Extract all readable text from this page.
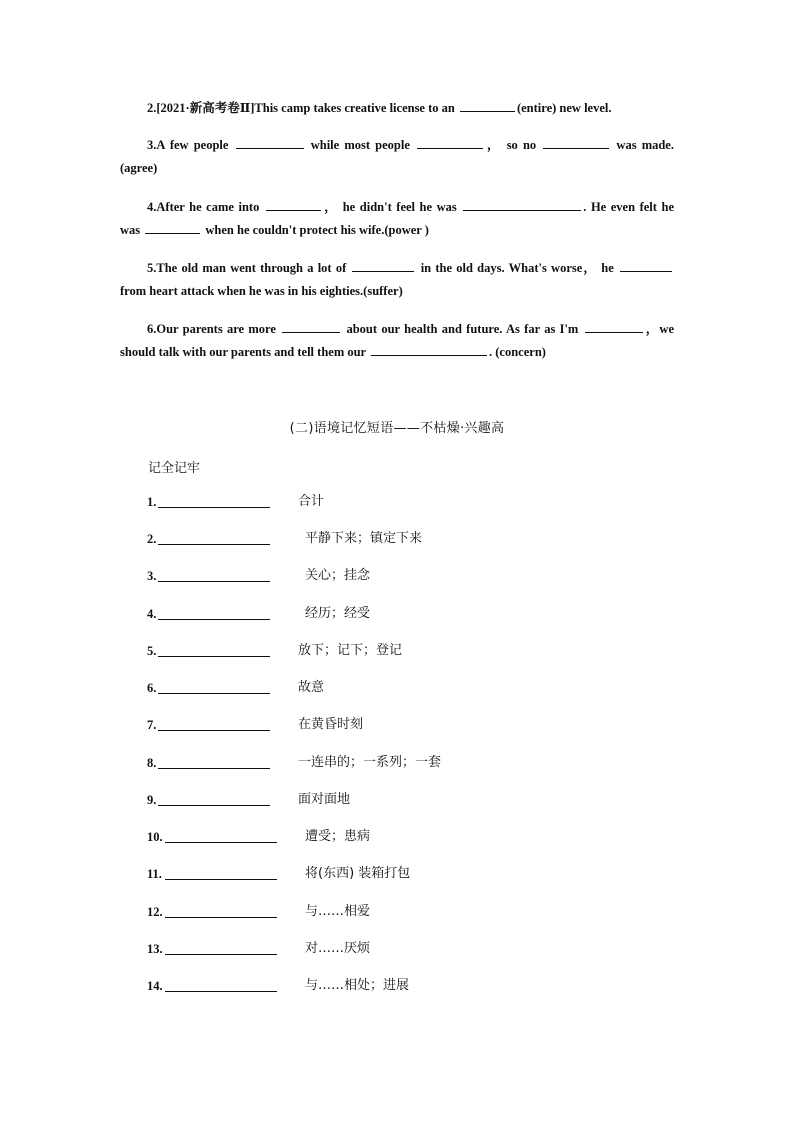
2.[2021·新高考卷Ⅱ]This camp takes creative license to an	(entire) new level.
3.A few people	while most people	， so no	was made.(agree)
4.After he came into	， he didn't feel he was	. He even felt he was	when he couldn't protect his wife.(power )
5.The old man went through a lot of	in the old days. What's worse， he  from heart attack when he was in his eighties.(suffer)
6.Our parents are more	about our health and future. As far as I'm	，we should talk with our parents and tell them our	. (concern)
(二)语境记忆短语——不枯燥·兴趣高
记全记牢
1.	合计
2.	平静下来；镇定下来
3.	关心；挂念
4.	经历；经受
5.	放下；记下；登记
6.	故意
7.	在黄昏时刻
8.	一连串的；一系列；一套
9.	面对面地
10.	遭受；患病
11.	将(东西) 装箱打包
12.	与……相爱
13.	对……厌烦
14.	与……相处；进展
